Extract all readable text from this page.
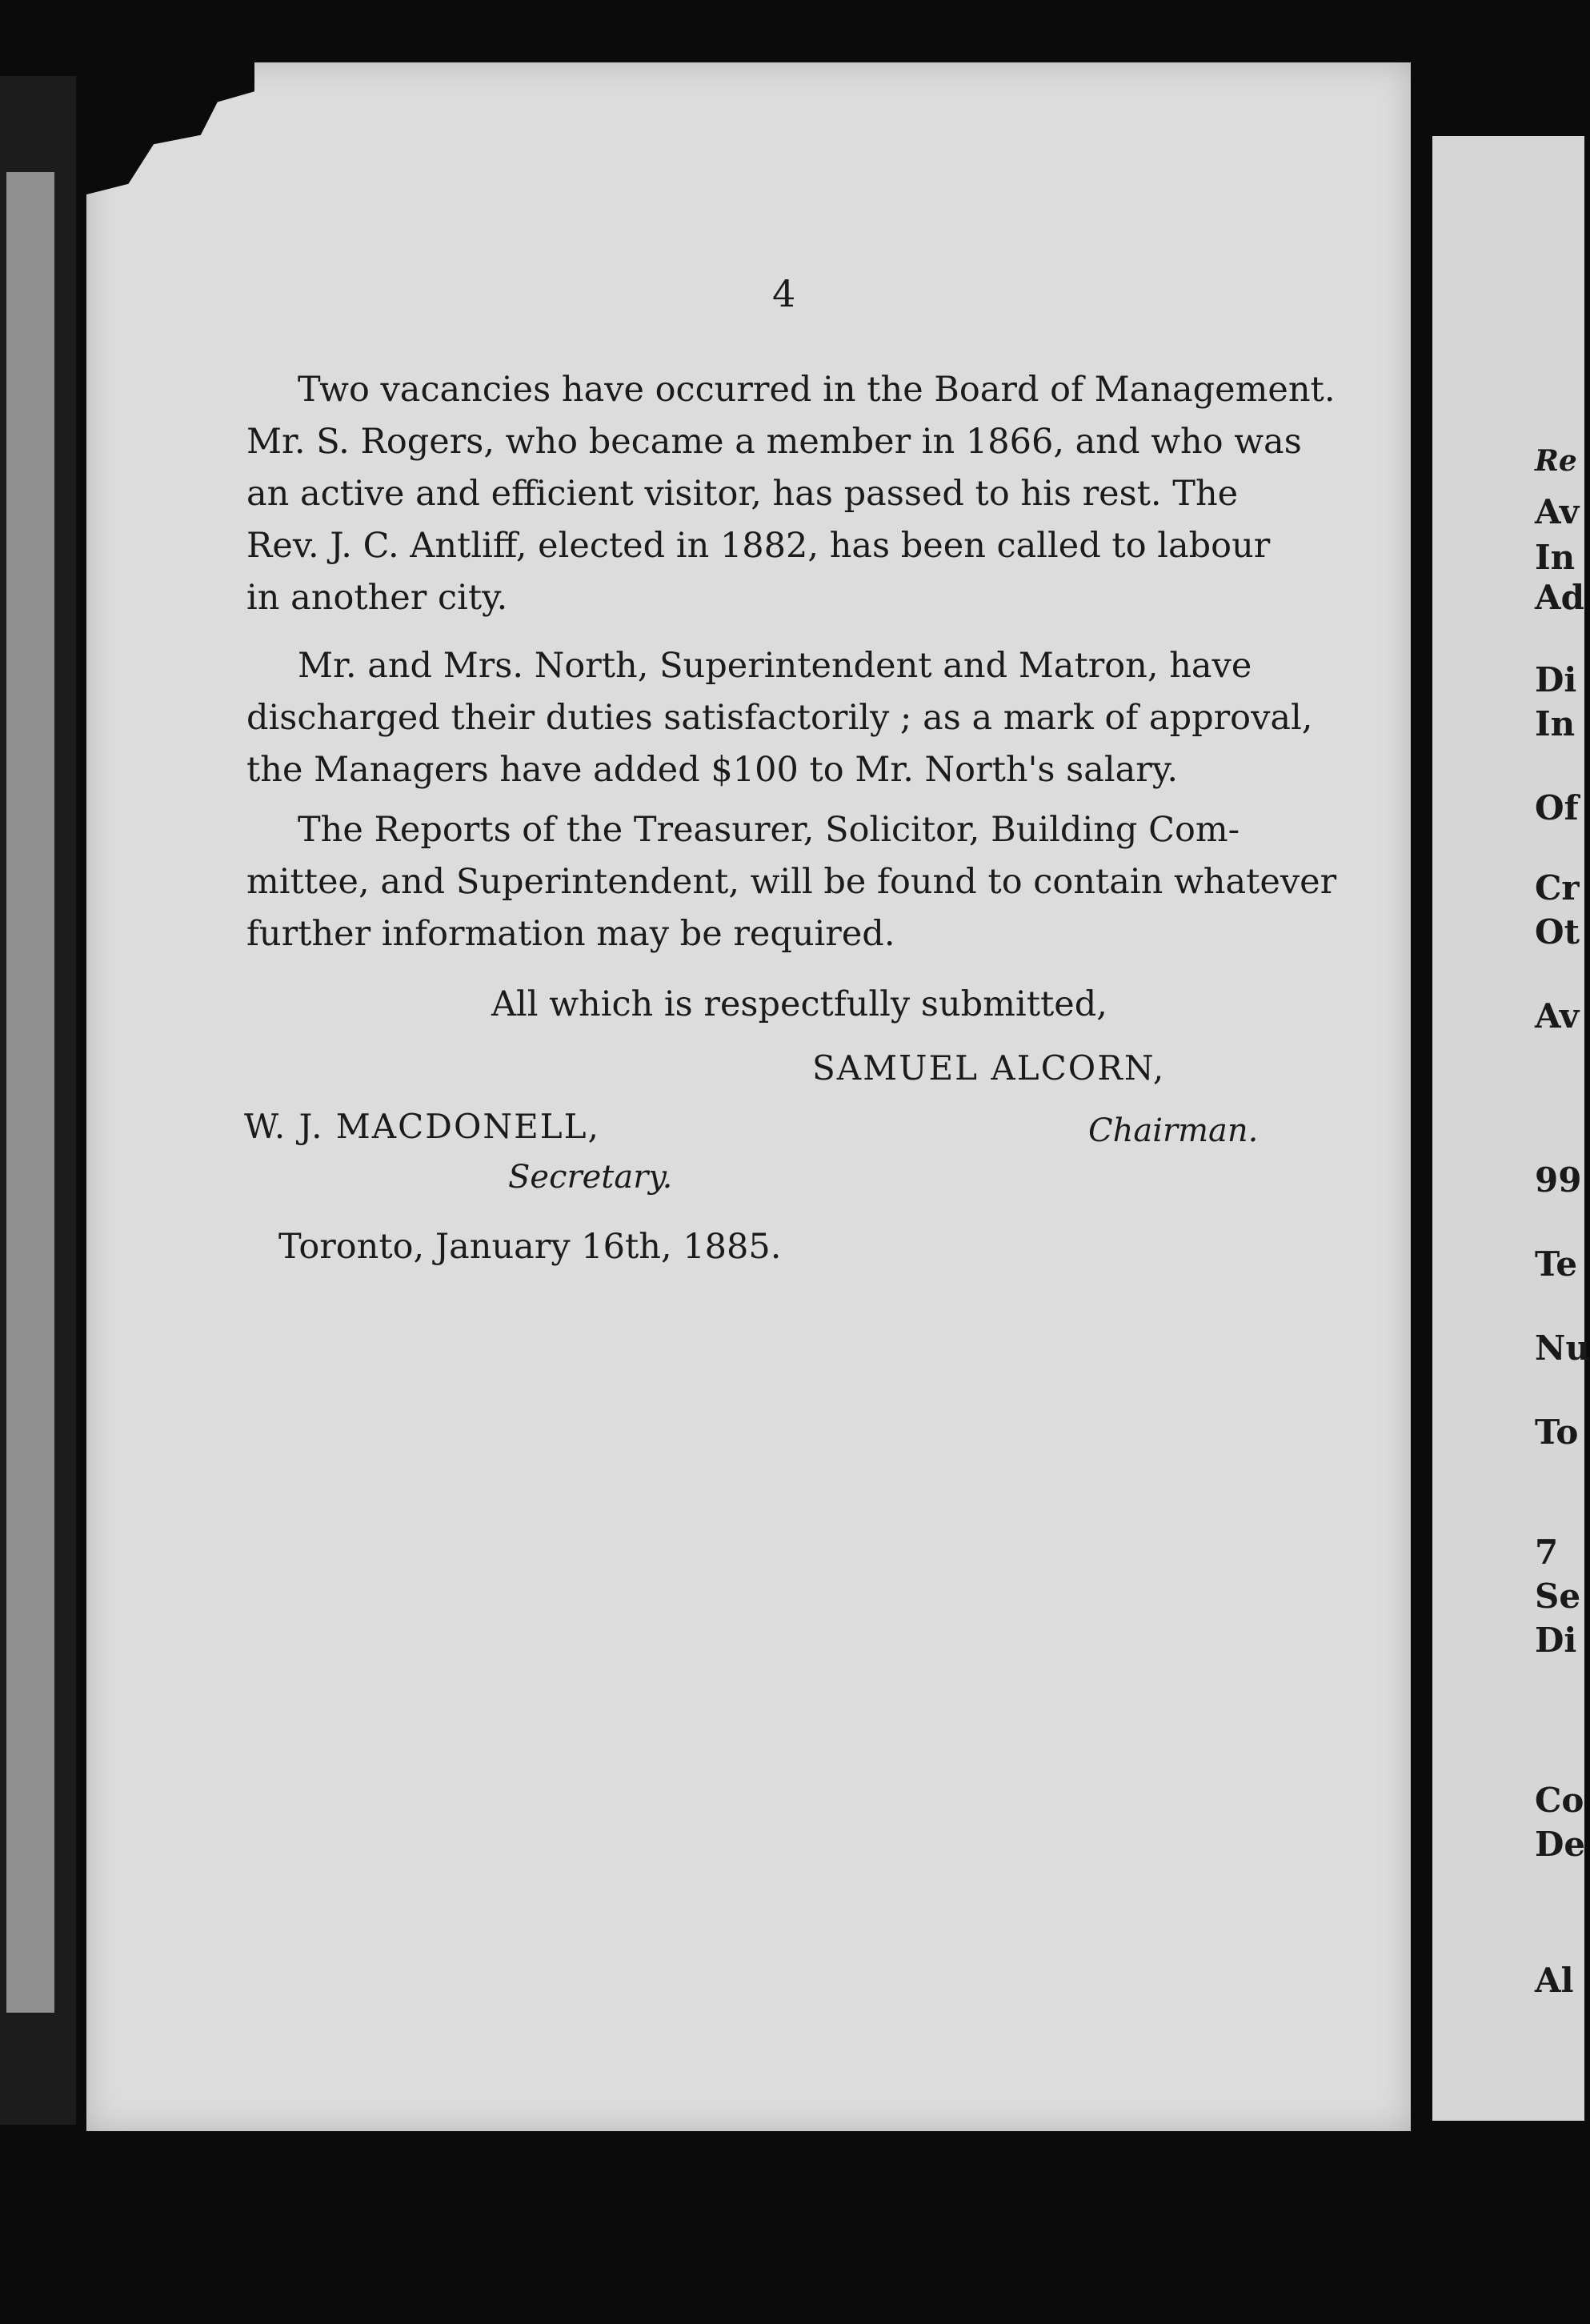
Re
Av
In
Ad
Di
In
Of
Cr
Ot
Av
99
Te
Nu
To
7
Se
Di
Co
De
Al
4
Two vacancies have occurred in the Board of Management.
Mr. S. Rogers, who became a member in 1866, and who was
an active and efficient visitor, has passed to his rest. The
Rev. J. C. Antliff, elected in 1882, has been called to labour
in another city.
Mr. and Mrs. North, Superintendent and Matron, have
discharged their duties satisfactorily ; as a mark of approval,
the Managers have added $100 to Mr. North's salary.
The Reports of the Treasurer, Solicitor, Building Com-
mittee, and Superintendent, will be found to contain whatever
further information may be required.
All which is respectfully submitted,
SAMUEL ALCORN,
W. J. MACDONELL,	Chairman.
Secretary.
Toronto, January 16th, 1885.
